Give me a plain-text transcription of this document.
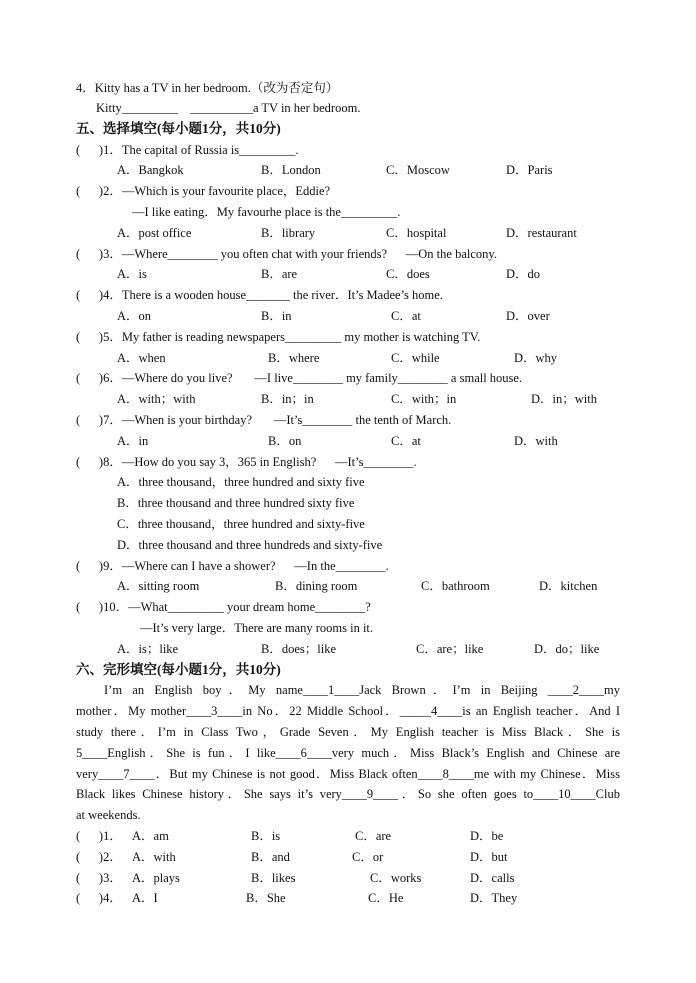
4．Kitty has a TV in her bedroom.（改为否定句）
Kitty_________    __________a TV in her bedroom.
五、选择填空(每小题1分，共10分)
(      )1．The capital of Russia is_________.
A．Bangkok	B．London	C．Moscow	D．Paris
(      )2．—Which is your favourite place，Eddie?
—I like eating．My favourhe place is the_________.
A．post office	B．library	C．hospital	D．restaurant
(      )3．—Where________ you often chat with your friends?      —On the balcony.
A．is	B．are	C．does	D．do
(      )4．There is a wooden house_______ the river．It’s Madee’s home.
A．on	B．in	C．at	D．over
(      )5．My father is reading newspapers_________ my mother is watching TV.
A．when	B．where	C．while	D．why
(      )6．—Where do you live?       —I live________ my family________ a small house.
A．with；with	B．in；in	C．with；in	D．in；with
(      )7．—When is your birthday?       —It’s________ the tenth of March.
A．in	B．on	C．at	D．with
(      )8．—How do you say 3，365 in English?      —It’s________.
A．three thousand，three hundred and sixty five
B．three thousand and three hundred sixty five
C．three thousand，three hundred and sixty-five
D．three thousand and three hundreds and sixty-five
(      )9．—Where can I have a shower?      —In the________.
A．sitting room	B．dining room	C．bathroom	D．kitchen
(      )10．—What_________ your dream home________?
—It’s very large．There are many rooms in it.
A．is；like	B．does；like	C．are；like	D．do；like
六、完形填空(每小题1分，共10分)
I’m an English boy．My name____1____Jack Brown．I’m in Beijing ____2____my
mother．My mother____3____in No．22 Middle School．_____4____is an English teacher．And I
study there．I’m in Class Two，Grade Seven．My English teacher is Miss Black．She is
5____English．She is fun．I like____6____very much．Miss Black’s English and Chinese are
very____7____．But my Chinese is not good．Miss Black often____8____me with my Chinese．Miss
Black likes Chinese history．She says it’s very____9____．So she often goes to____10____Club
at weekends.
(      )1． A．am	B．is	C．are	D．be
(      )2． A．with	B．and	C．or	D．but
(      )3． A．plays	B．likes	C．works	D．calls
(      )4． A．I	B．She	C．He	D．They
